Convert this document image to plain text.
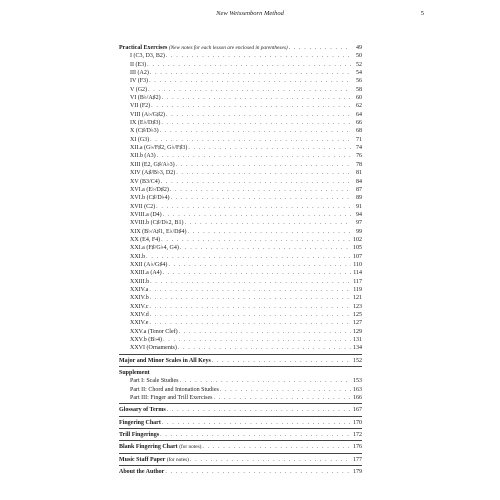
New Weissenborn Method	5
Practical Exercises (New notes for each lesson are enclosed in parentheses) . . .	49
I (C3, D3, B2) . . .	50
II (E3) . . .	52
III (A2) . . .	54
IV (F3) . . .	56
V (G2) . . .	58
VI (B♭/A♯2) . . .	60
VII (F2) . . .	62
VIII (A♭/G♯2) . . .	64
IX (E♭/D♯3) . . .	66
X (C♯/D♭3) . . .	68
XI (G3) . . .	71
XII.a (G♭/F♯2, G♭/F♯3) . . .	74
XII.b (A3) . . .	76
XIII (E2, G♯/A♭3) . . .	78
XIV (A♯/B♭3, D2) . . .	81
XV (B3/C4) . . .	84
XVI.a (E♭/D♯2) . . .	87
XVI.b (C♯/D♭4) . . .	89
XVII (C2) . . .	91
XVIII.a (D4) . . .	94
XVIII.b (C♯/D♭2, B1) . . .	97
XIX (B♭/A♯1, E♭/D♯4) . . .	99
XX (E4, F4) . . .	102
XXI.a (F♯/G♭4, G4) . . .	105
XXI.b . . .	107
XXII (A♭/G♯4) . . .	110
XXIII.a (A4) . . .	114
XXIII.b . . .	117
XXIV.a . . .	119
XXIV.b . . .	121
XXIV.c . . .	123
XXIV.d . . .	125
XXIV.e . . .	127
XXV.a (Tenor Clef) . . .	129
XXV.b (B♭4) . . .	131
XXVI (Ornaments) . . .	134
Major and Minor Scales in All Keys . . .	152
Supplement
Part I: Scale Studies . . .	153
Part II: Chord and Intonation Studies . . .	163
Part III: Finger and Trill Exercises . . .	166
Glossary of Terms . . .	167
Fingering Chart . . .	170
Trill Fingerings . . .	172
Blank Fingering Chart (for notes) . . .	176
Music Staff Paper (for notes) . . .	177
About the Author . . .	179
